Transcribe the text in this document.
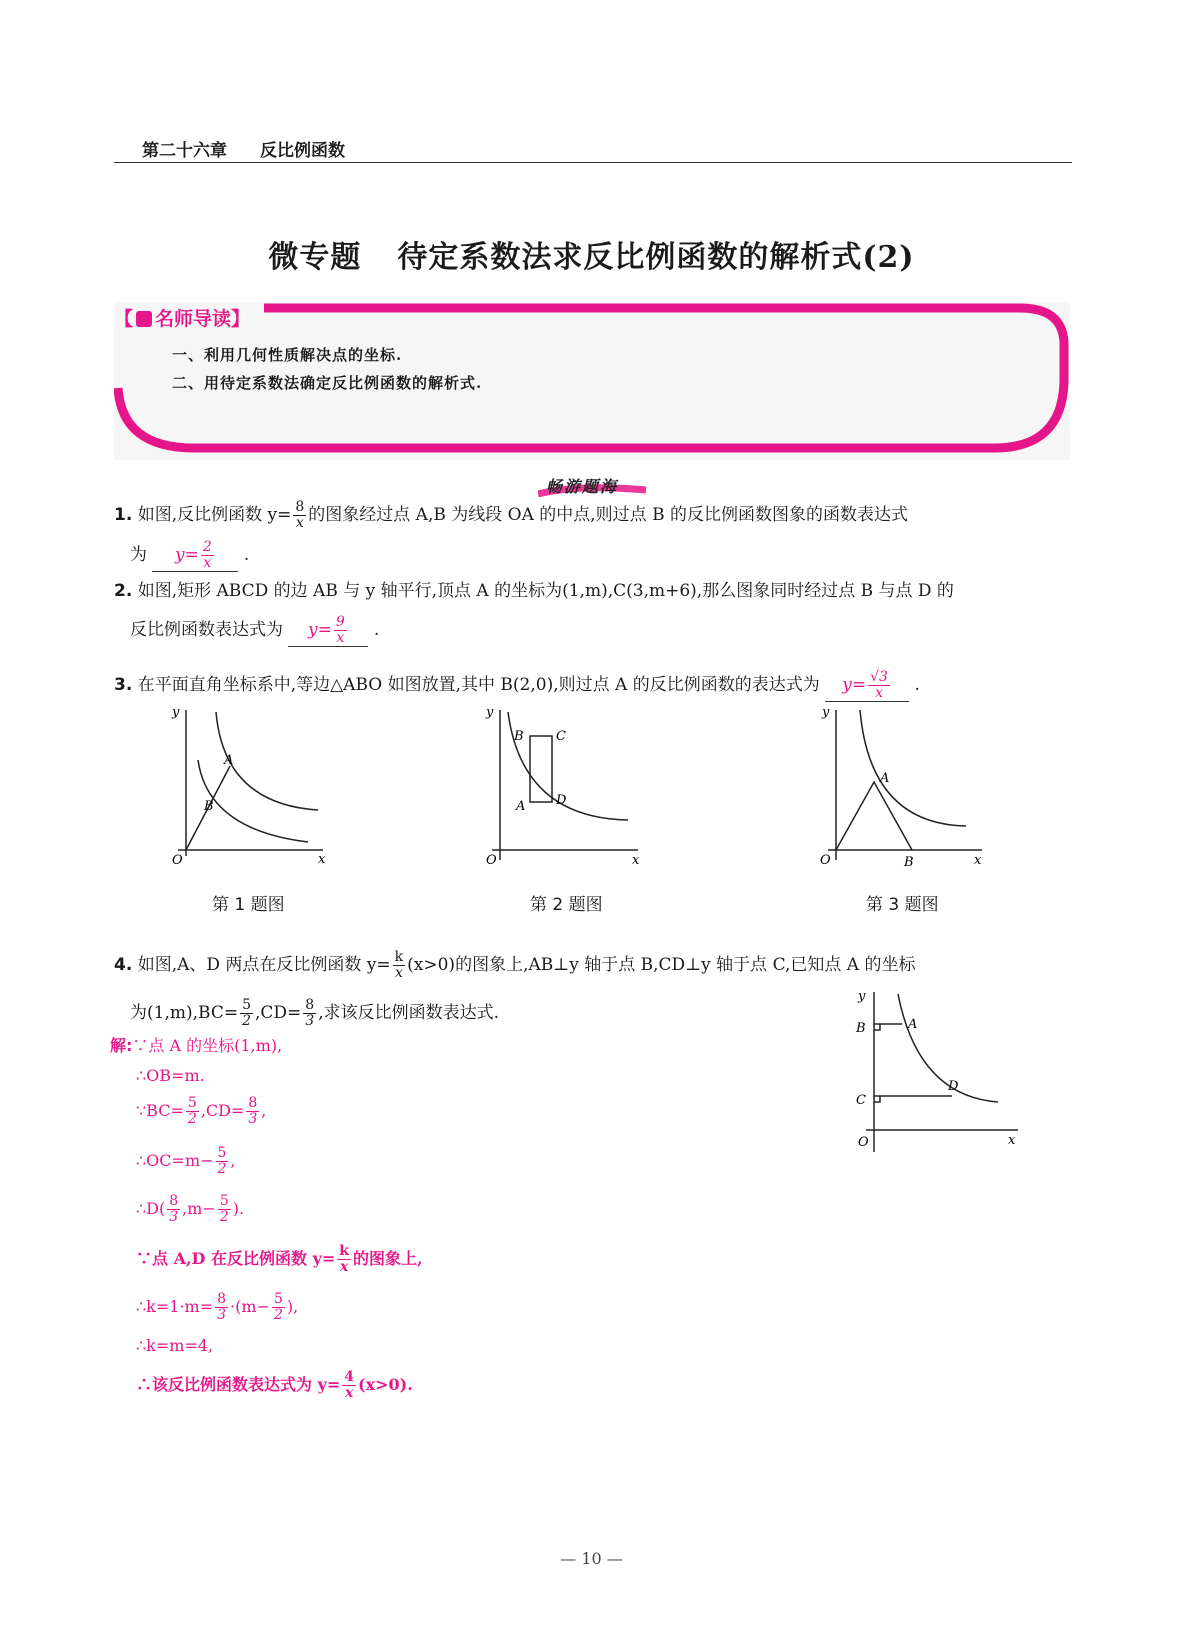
第二十六章 反比例函数
微专题 待定系数法求反比例函数的解析式(2)
【 名师导读】
一、利用几何性质解决点的坐标.
二、用待定系数法确定反比例函数的解析式.
畅游题海
1. 如图,反比例函数 $y= \frac{8}{x}$ 的图象经过点 A,B 为线段 OA 的中点,则过点 B 的反比例函数图象的函数表达式
为 $y= \frac{2}{x}$ .
2. 如图,矩形 ABCD 的边 AB 与 y 轴平行,顶点 A 的坐标为(1,m),C(3,m+6),那么图象同时经过点 B 与点 D 的
反比例函数表达式为 $y= \frac{9}{x}$ .
3. 在平面直角坐标系中,等边△ABO 如图放置,其中 B(2,0),则过点 A 的反比例函数的表达式为 $y= \frac{√3}{x}$ .
y
x
O
A
B
第 1 题图
y
x
O
A
B C
D
第 2 题图
y
x
O
A
B
第 3 题图
4. 如图,A、D 两点在反比例函数 $y= \frac{k}{x} (x>0)$的图象上,AB⊥y 轴于点 B,CD⊥y 轴于点 C,已知点 A 的坐标
为$(1,m),BC= \frac{5}{2} ,CD= \frac{8}{3}$ ,求该反比例函数表达式.
y
x
O
A
B
C
D
解:∵点 A 的坐标(1,m),
∴OB=m.
∵BC= $\frac{5}{2} ,CD= \frac{8}{3}$ ,
∴OC=m− $\frac{5}{2}$ ,
∴D( $\frac{8}{3} ,m- \frac{5}{2}$ ).
∵点 A,D 在反比例函数 $y= \frac{k}{x}$ 的图象上,
∴k=1·m= $\frac{8}{3} \cdot(m- \frac{5}{2}$ ),
∴k=m=4,
∴该反比例函数表达式为 $y= \frac{4}{x} (x>0)$.
— 10 —
